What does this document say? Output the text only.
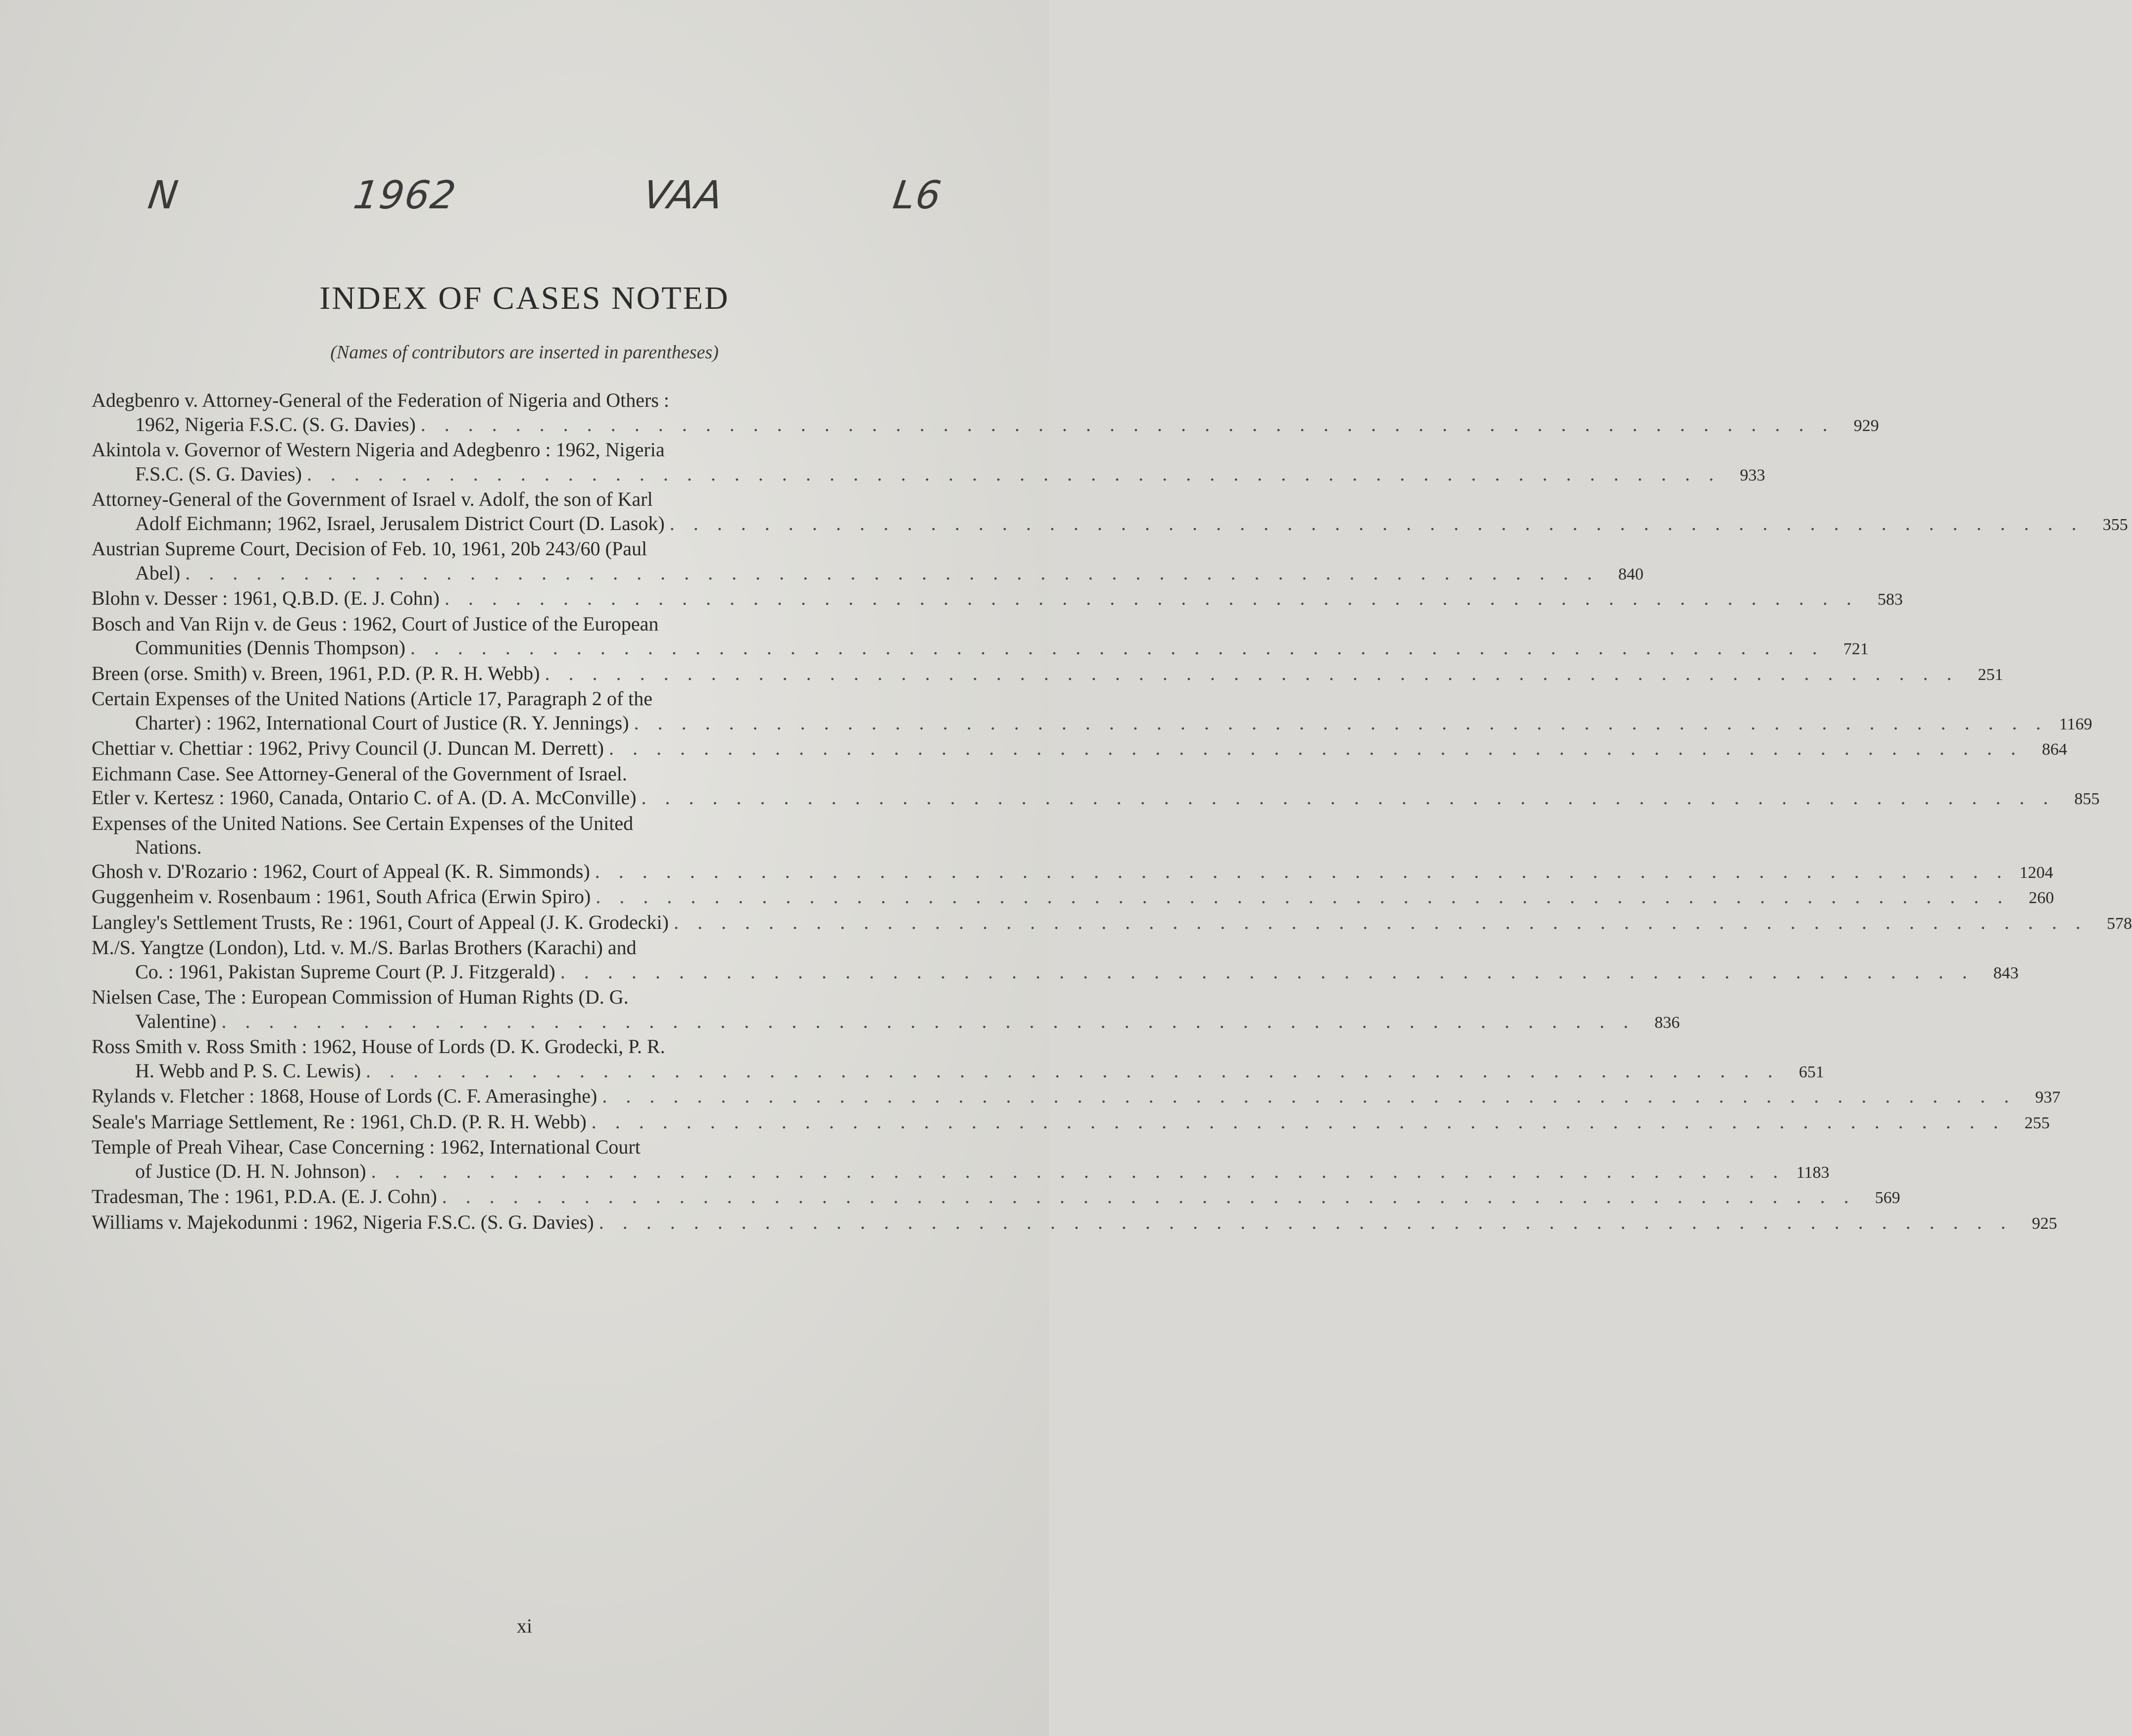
N	1962	VAA	L6
INDEX OF CASES NOTED
(Names of contributors are inserted in parentheses)
Adegbenro v. Attorney-General of the Federation of Nigeria and Others :
1962, Nigeria F.S.C. (S. G. Davies) . . . . . . . . . . . . . . . . . . . . . . . . . . . . . . . . . . . . . . . . . . . . . . . . . . . . . . . . . . . .	929
Akintola v. Governor of Western Nigeria and Adegbenro : 1962, Nigeria
F.S.C. (S. G. Davies) . . . . . . . . . . . . . . . . . . . . . . . . . . . . . . . . . . . . . . . . . . . . . . . . . . . . . . . . . . . .	933
Attorney-General of the Government of Israel v. Adolf, the son of Karl
Adolf Eichmann; 1962, Israel, Jerusalem District Court (D. Lasok) . . . . . . . . . . . . . . . . . . . . . . . . . . . . . . . . . . . . . . . . . . . . . . . . . . . . . . . . . . . .	355
Austrian Supreme Court, Decision of Feb. 10, 1961, 20b 243/60 (Paul
Abel) . . . . . . . . . . . . . . . . . . . . . . . . . . . . . . . . . . . . . . . . . . . . . . . . . . . . . . . . . . . .	840
Blohn v. Desser : 1961, Q.B.D. (E. J. Cohn) . . . . . . . . . . . . . . . . . . . . . . . . . . . . . . . . . . . . . . . . . . . . . . . . . . . . . . . . . . . .	583
Bosch and Van Rijn v. de Geus : 1962, Court of Justice of the European
Communities (Dennis Thompson) . . . . . . . . . . . . . . . . . . . . . . . . . . . . . . . . . . . . . . . . . . . . . . . . . . . . . . . . . . . .	721
Breen (orse. Smith) v. Breen, 1961, P.D. (P. R. H. Webb) . . . . . . . . . . . . . . . . . . . . . . . . . . . . . . . . . . . . . . . . . . . . . . . . . . . . . . . . . . . .	251
Certain Expenses of the United Nations (Article 17, Paragraph 2 of the
Charter) : 1962, International Court of Justice (R. Y. Jennings) . . . . . . . . . . . . . . . . . . . . . . . . . . . . . . . . . . . . . . . . . . . . . . . . . . . . . . . . . . . . 1169
Chettiar v. Chettiar : 1962, Privy Council (J. Duncan M. Derrett) . . . . . . . . . . . . . . . . . . . . . . . . . . . . . . . . . . . . . . . . . . . . . . . . . . . . . . . . . . . .	864
Eichmann Case. See Attorney-General of the Government of Israel.
Etler v. Kertesz : 1960, Canada, Ontario C. of A. (D. A. McConville) . . . . . . . . . . . . . . . . . . . . . . . . . . . . . . . . . . . . . . . . . . . . . . . . . . . . . . . . . . . .	855
Expenses of the United Nations. See Certain Expenses of the United
Nations.
Ghosh v. D'Rozario : 1962, Court of Appeal (K. R. Simmonds) . . . . . . . . . . . . . . . . . . . . . . . . . . . . . . . . . . . . . . . . . . . . . . . . . . . . . . . . . . . . 1204
Guggenheim v. Rosenbaum : 1961, South Africa (Erwin Spiro) . . . . . . . . . . . . . . . . . . . . . . . . . . . . . . . . . . . . . . . . . . . . . . . . . . . . . . . . . . . .	260
Langley's Settlement Trusts, Re : 1961, Court of Appeal (J. K. Grodecki) . . . . . . . . . . . . . . . . . . . . . . . . . . . . . . . . . . . . . . . . . . . . . . . . . . . . . . . . . . . .	578
M./S. Yangtze (London), Ltd. v. M./S. Barlas Brothers (Karachi) and
Co. : 1961, Pakistan Supreme Court (P. J. Fitzgerald) . . . . . . . . . . . . . . . . . . . . . . . . . . . . . . . . . . . . . . . . . . . . . . . . . . . . . . . . . . . .	843
Nielsen Case, The : European Commission of Human Rights (D. G.
Valentine) . . . . . . . . . . . . . . . . . . . . . . . . . . . . . . . . . . . . . . . . . . . . . . . . . . . . . . . . . . . .	836
Ross Smith v. Ross Smith : 1962, House of Lords (D. K. Grodecki, P. R.
H. Webb and P. S. C. Lewis) . . . . . . . . . . . . . . . . . . . . . . . . . . . . . . . . . . . . . . . . . . . . . . . . . . . . . . . . . . . .	651
Rylands v. Fletcher : 1868, House of Lords (C. F. Amerasinghe) . . . . . . . . . . . . . . . . . . . . . . . . . . . . . . . . . . . . . . . . . . . . . . . . . . . . . . . . . . . .	937
Seale's Marriage Settlement, Re : 1961, Ch.D. (P. R. H. Webb) . . . . . . . . . . . . . . . . . . . . . . . . . . . . . . . . . . . . . . . . . . . . . . . . . . . . . . . . . . . .	255
Temple of Preah Vihear, Case Concerning : 1962, International Court
of Justice (D. H. N. Johnson) . . . . . . . . . . . . . . . . . . . . . . . . . . . . . . . . . . . . . . . . . . . . . . . . . . . . . . . . . . . . 1183
Tradesman, The : 1961, P.D.A. (E. J. Cohn) . . . . . . . . . . . . . . . . . . . . . . . . . . . . . . . . . . . . . . . . . . . . . . . . . . . . . . . . . . . .	569
Williams v. Majekodunmi : 1962, Nigeria F.S.C. (S. G. Davies) . . . . . . . . . . . . . . . . . . . . . . . . . . . . . . . . . . . . . . . . . . . . . . . . . . . . . . . . . . . .	925
xi
